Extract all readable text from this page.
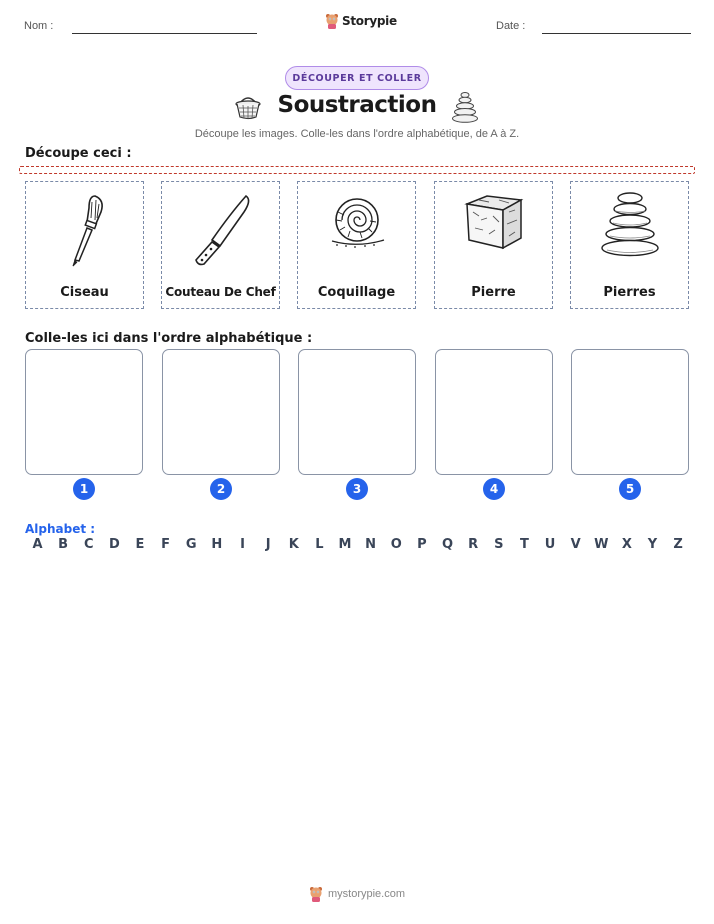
Nom :	Storypie	Date :
DÉCOUPER ET COLLER
Soustraction
Découpe les images. Colle-les dans l'ordre alphabétique, de A à Z.
Découpe ceci :
Ciseau	Couteau De Chef	Coquillage	Pierre	Pierres
Colle-les ici dans l'ordre alphabétique :
1	2	3	4	5
Alphabet :
A	B	C	D	E	F	G	H	I	J	K	L	M	N	O	P	Q	R	S	T	U	V	W	X	Y	Z
mystorypie.com
